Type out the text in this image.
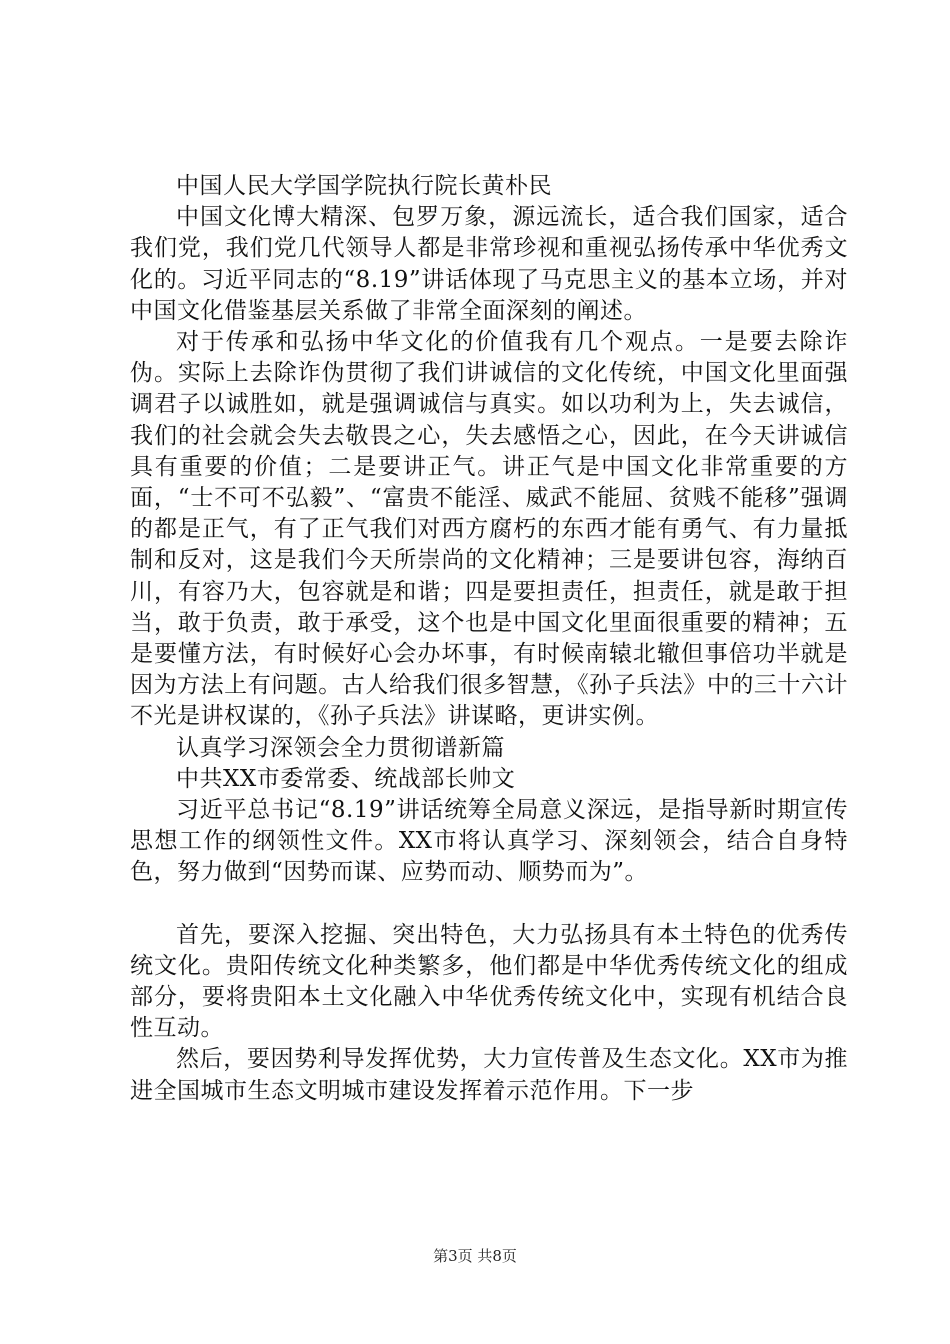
中国人民大学国学院执行院长黄朴民

中国文化博大精深、包罗万象，源远流长，适合我们国家，适合我们党，我们党几代领导人都是非常珍视和重视弘扬传承中华优秀文化的。习近平同志的“8.19”讲话体现了马克思主义的基本立场，并对中国文化借鉴基层关系做了非常全面深刻的阐述。

对于传承和弘扬中华文化的价值我有几个观点。一是要去除诈伪。实际上去除诈伪贯彻了我们讲诚信的文化传统，中国文化里面强调君子以诚胜如，就是强调诚信与真实。如以功利为上，失去诚信，我们的社会就会失去敬畏之心，失去感悟之心，因此，在今天讲诚信具有重要的价值；二是要讲正气。讲正气是中国文化非常重要的方面，“士不可不弘毅”、“富贵不能淫、威武不能屈、贫贱不能移”强调的都是正气，有了正气我们对西方腐朽的东西才能有勇气、有力量抵制和反对，这是我们今天所崇尚的文化精神；三是要讲包容，海纳百川，有容乃大，包容就是和谐；四是要担责任，担责任，就是敢于担当，敢于负责，敢于承受，这个也是中国文化里面很重要的精神；五是要懂方法，有时候好心会办坏事，有时候南辕北辙但事倍功半就是因为方法上有问题。古人给我们很多智慧，《孙子兵法》中的三十六计不光是讲权谋的，《孙子兵法》讲谋略，更讲实例。

认真学习深领会全力贯彻谱新篇

中共XX市委常委、统战部长帅文

习近平总书记“8.19”讲话统筹全局意义深远，是指导新时期宣传思想工作的纲领性文件。XX市将认真学习、深刻领会，结合自身特色，努力做到“因势而谋、应势而动、顺势而为”。

首先，要深入挖掘、突出特色，大力弘扬具有本土特色的优秀传统文化。贵阳传统文化种类繁多，他们都是中华优秀传统文化的组成部分，要将贵阳本土文化融入中华优秀传统文化中，实现有机结合良性互动。

然后，要因势利导发挥优势，大力宣传普及生态文化。XX市为推进全国城市生态文明城市建设发挥着示范作用。下一步

第3页 共8页
